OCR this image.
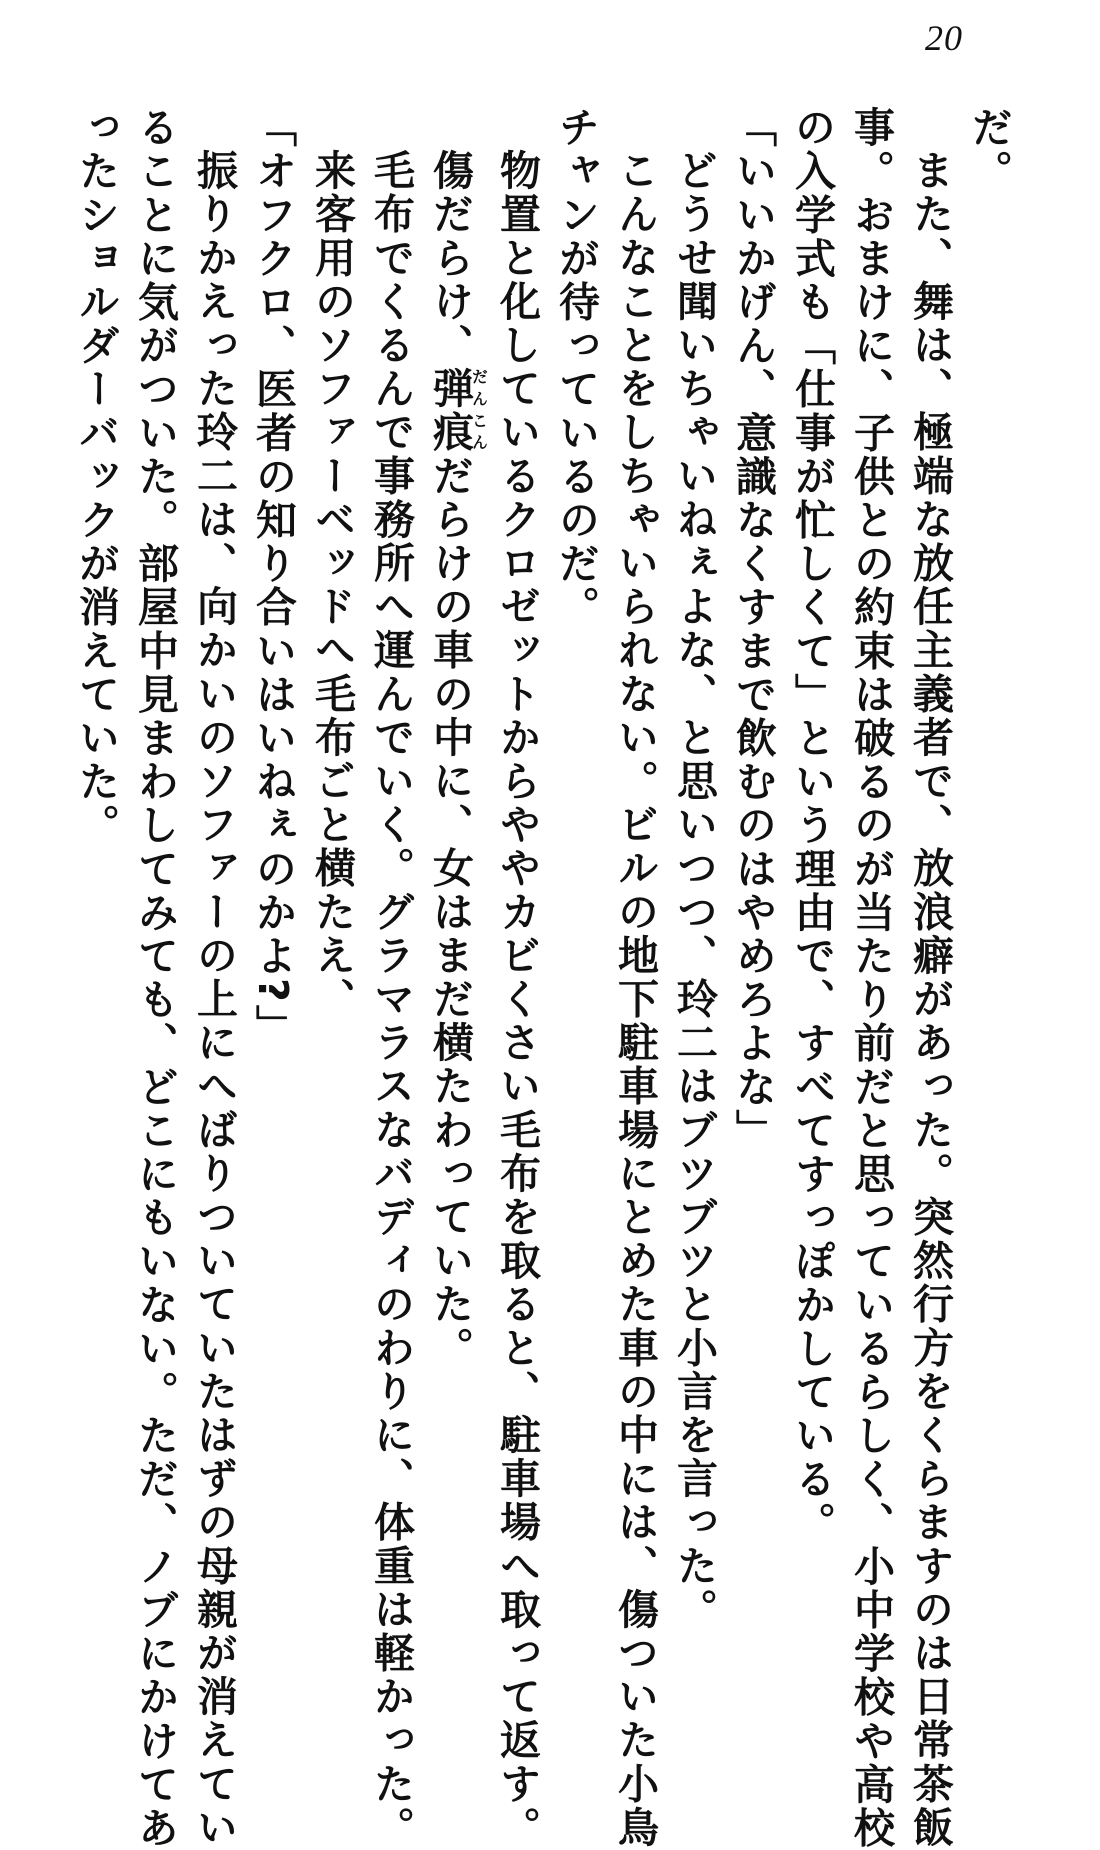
20
だ。
また、舞は、極端な放任主義者で、放浪癖があった。突然行方をくらますのは日常茶飯
事。おまけに、子供との約束は破るのが当たり前だと思っているらしく、小中学校や高校
の入学式も「仕事が忙しくて」という理由で、すべてすっぽかしている。
「いいかげん、意識なくすまで飲むのはやめろよな」
どうせ聞いちゃいねぇよな、と思いつつ、玲二はブツブツと小言を言った。
こんなことをしちゃいられない。ビルの地下駐車場にとめた車の中には、傷ついた小鳥
チャンが待っているのだ。
物置と化しているクロゼットからややカビくさい毛布を取ると、駐車場へ取って返す。
傷だらけ、弾痕だんこんだらけの車の中に、女はまだ横たわっていた。
毛布でくるんで事務所へ運んでいく。グラマラスなバディのわりに、体重は軽かった。
来客用のソファーベッドへ毛布ごと横たえ、
「オフクロ、医者の知り合いはいねぇのかよ?」
振りかえった玲二は、向かいのソファーの上にへばりついていたはずの母親が消えてい
ることに気がついた。部屋中見まわしてみても、どこにもいない。ただ、ノブにかけてあ
ったショルダーバックが消えていた。
